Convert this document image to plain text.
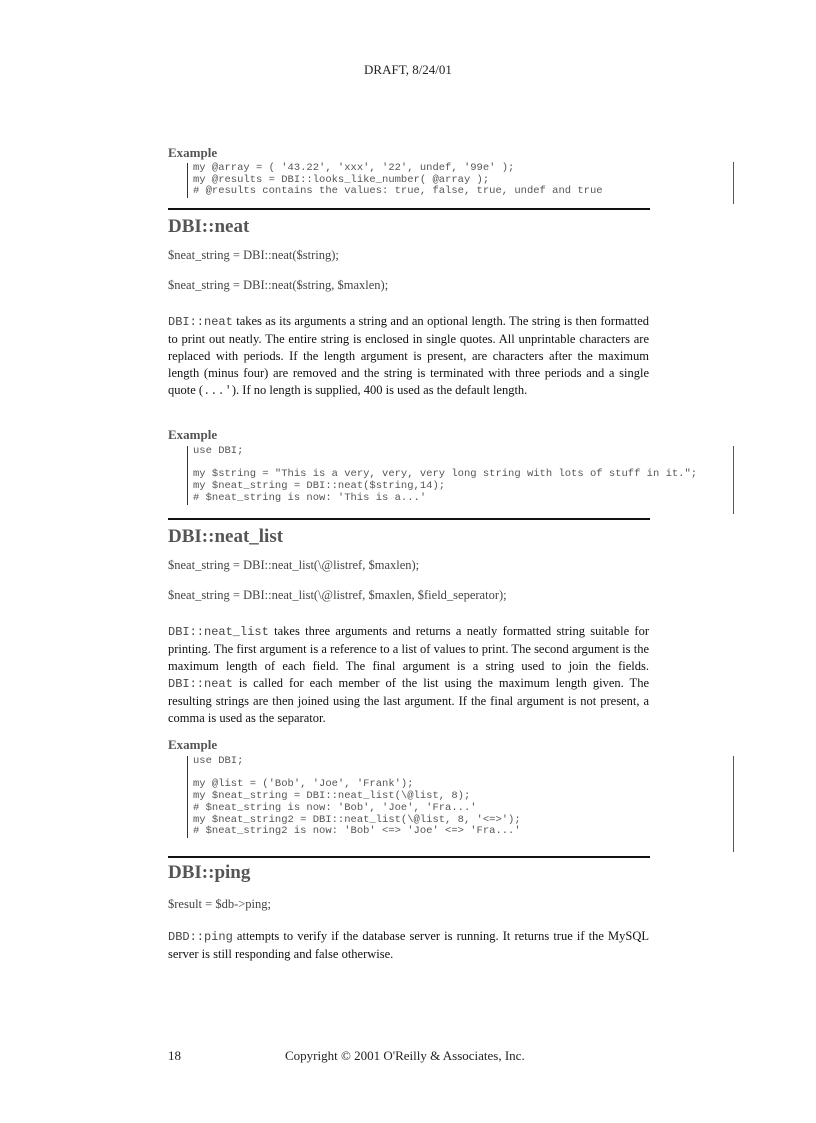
DRAFT, 8/24/01
Example
my @array = ( '43.22', 'xxx', '22', undef, '99e' );
my @results = DBI::looks_like_number( @array );
# @results contains the values: true, false, true, undef and true
DBI::neat
$neat_string = DBI::neat($string);
$neat_string = DBI::neat($string, $maxlen);

DBI::neat takes as its arguments a string and an optional length. The string is then formatted to print out neatly. The entire string is enclosed in single quotes. All unprintable characters are replaced with periods. If the length argument is present, are characters after the maximum length (minus four) are removed and the string is terminated with three periods and a single quote (...'). If no length is supplied, 400 is used as the default length.

Example
use DBI;

my $string = "This is a very, very, very long string with lots of stuff in it.";
my $neat_string = DBI::neat($string,14);
# $neat_string is now: 'This is a...'
DBI::neat_list
$neat_string = DBI::neat_list(\@listref, $maxlen);
$neat_string = DBI::neat_list(\@listref, $maxlen, $field_seperator);

DBI::neat_list takes three arguments and returns a neatly formatted string suitable for printing. The first argument is a reference to a list of values to print. The second argument is the maximum length of each field. The final argument is a string used to join the fields. DBI::neat is called for each member of the list using the maximum length given. The resulting strings are then joined using the last argument. If the final argument is not present, a comma is used as the separator.

Example
use DBI;

my @list = ('Bob', 'Joe', 'Frank');
my $neat_string = DBI::neat_list(\@list, 8);
# $neat_string is now: 'Bob', 'Joe', 'Fra...'
my $neat_string2 = DBI::neat_list(\@list, 8, '<=>');
# $neat_string2 is now: 'Bob' <=> 'Joe' <=> 'Fra...'
DBI::ping
$result = $db->ping;

DBD::ping attempts to verify if the database server is running. It returns true if the MySQL server is still responding and false otherwise.

18	Copyright © 2001 O'Reilly & Associates, Inc.
